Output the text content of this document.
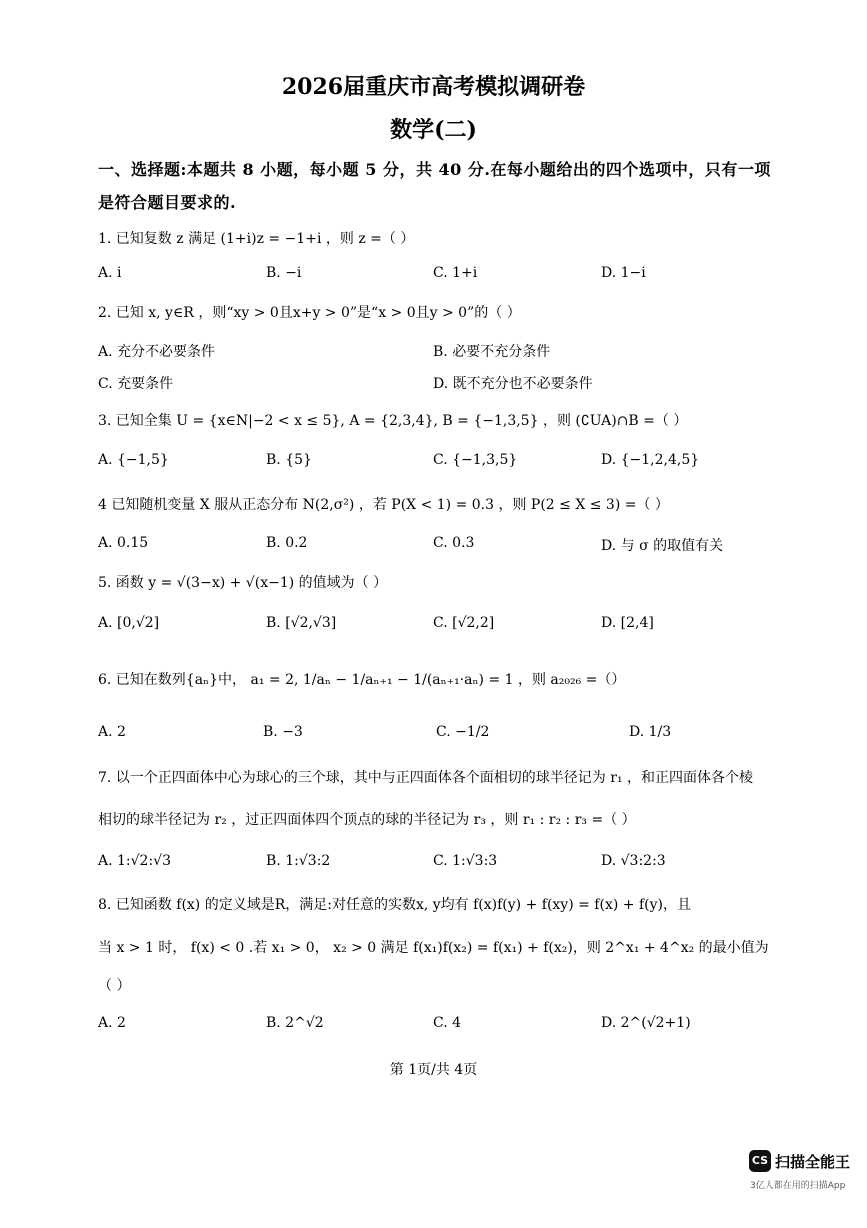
2026届重庆市高考模拟调研卷
数学(二)
一、选择题:本题共 8 小题，每小题 5 分，共 40 分.在每小题给出的四个选项中，只有一项
是符合题目要求的.
1. 已知复数 z 满足 (1+i)z = −1+i ，则 z =（ ）
A. i	B. −i	C. 1+i	D. 1−i
2. 已知 x, y∈R ，则“xy > 0且x+y > 0”是“x > 0且y > 0”的（ ）
A. 充分不必要条件	B. 必要不充分条件
C. 充要条件	D. 既不充分也不必要条件
3. 已知全集 U = {x∈N|−2 < x ≤ 5}, A = {2,3,4}, B = {−1,3,5} ，则 (∁UA)∩B =（ ）
A. {−1,5}	B. {5}	C. {−1,3,5}	D. {−1,2,4,5}
4 已知随机变量 X 服从正态分布 N(2,σ²) ，若 P(X < 1) = 0.3 ，则 P(2 ≤ X ≤ 3) =（ ）
A. 0.15	B. 0.2	C. 0.3	D. 与 σ 的取值有关
5. 函数 y = √(3−x) + √(x−1) 的值域为（ ）
A. [0,√2]	B. [√2,√3]	C. [√2,2]	D. [2,4]
6. 已知在数列{aₙ}中， a₁ = 2, 1/aₙ − 1/aₙ₊₁ − 1/(aₙ₊₁·aₙ) = 1 ，则 a₂₀₂₆ =（）
A. 2	B. −3	C. −1/2	D. 1/3
7. 以一个正四面体中心为球心的三个球，其中与正四面体各个面相切的球半径记为 r₁ ，和正四面体各个棱
相切的球半径记为 r₂ ，过正四面体四个顶点的球的半径记为 r₃ ，则 r₁ : r₂ : r₃ =（ ）
A. 1:√2:√3	B. 1:√3:2	C. 1:√3:3	D. √3:2:3
8. 已知函数 f(x) 的定义域是R，满足:对任意的实数x, y均有 f(x)f(y) + f(xy) = f(x) + f(y)，且
当 x > 1 时， f(x) < 0 .若 x₁ > 0， x₂ > 0 满足 f(x₁)f(x₂) = f(x₁) + f(x₂)，则 2^x₁ + 4^x₂ 的最小值为
（ ）
A. 2	B. 2^√2	C. 4	D. 2^(√2+1)
第 1页/共 4页
CS 扫描全能王
3亿人都在用的扫描App
